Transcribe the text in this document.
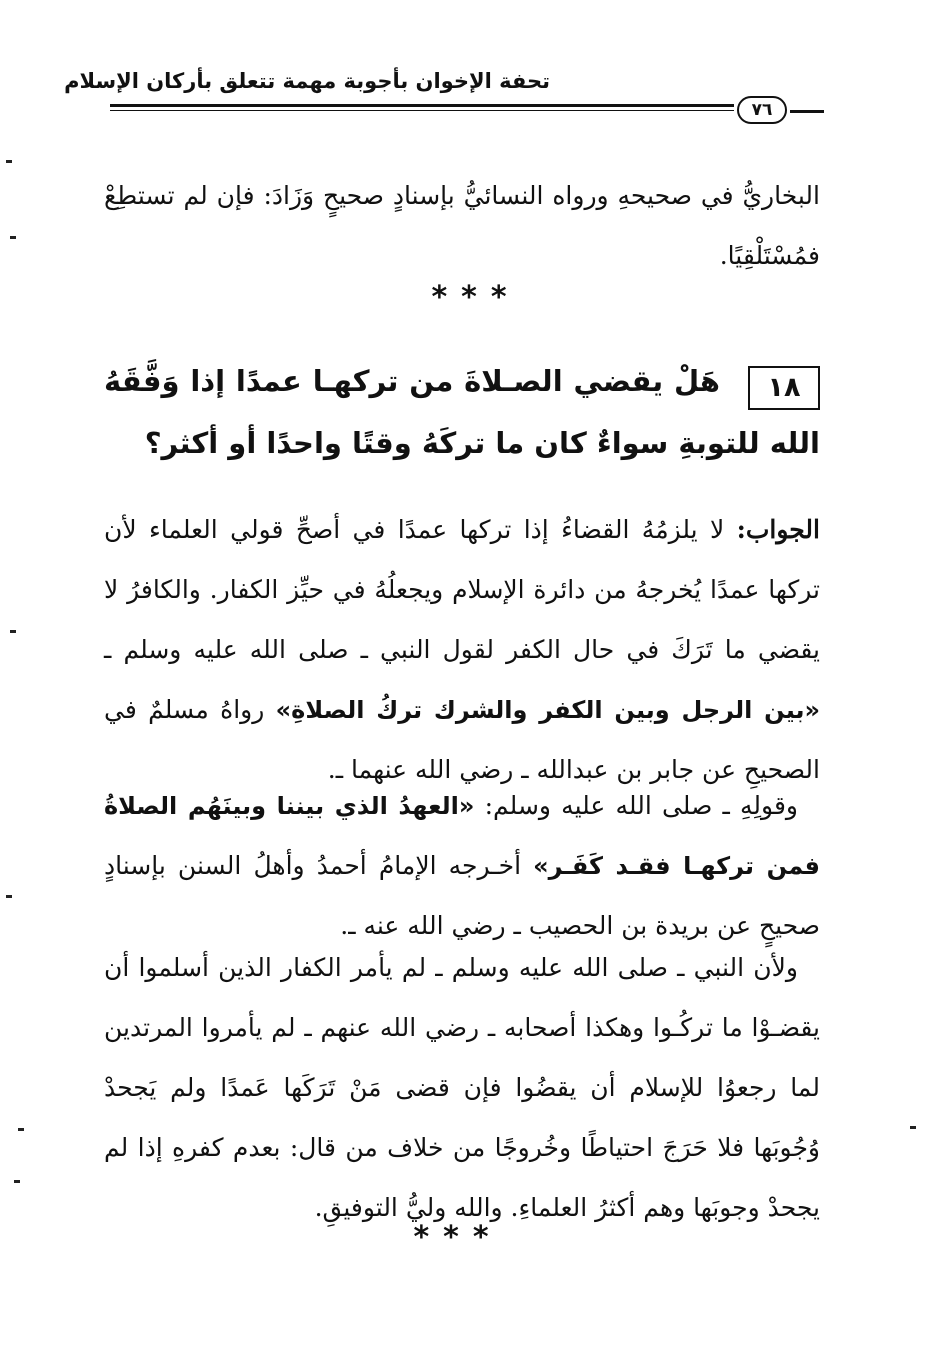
تحفة الإخوان بأجوبة مهمة تتعلق بأركان الإسلام
٧٦
البخاريُّ في صحيحهِ ورواه النسائيُّ بإسنادٍ صحيحٍ وَزَادَ: فإن لم تستطِعْ فمُسْتَلْقِيًا.
***
١٨
هَلْ يقضي الصـلاةَ من تركهـا عمدًا إذا وَفَّقَهُ الله للتوبةِ سواءٌ كان ما تركَهُ وقتًا واحدًا أو أكثر؟
الجواب: لا يلزمُهُ القضاءُ إذا تركها عمدًا في أصحِّ قولي العلماء لأن تركها عمدًا يُخرجهُ من دائرة الإسلام ويجعلُهُ في حيِّز الكفار. والكافرُ لا يقضي ما تَرَكَ في حال الكفر لقول النبي ـ صلى الله عليه وسلم ـ «بين الرجل وبين الكفر والشرك تركُ الصلاةِ» رواهُ مسلمٌ في الصحيحِ عن جابر بن عبدالله ـ رضي الله عنهما ـ.
وقولِهِ ـ صلى الله عليه وسلم: «العهدُ الذي بيننا وبينَهُم الصلاةُ فمن تركهـا فقـد كَفَـر» أخـرجه الإمامُ أحمدُ وأهلُ السنن بإسنادٍ صحيحٍ عن بريدة بن الحصيب ـ رضي الله عنه ـ.
ولأن النبي ـ صلى الله عليه وسلم ـ لم يأمر الكفار الذين أسلموا أن يقضـوْا ما تركُـوا وهكذا أصحابه ـ رضي الله عنهم ـ لم يأمروا المرتدين لما رجعوُا للإسلام أن يقضُوا فإن قضى مَنْ تَرَكَها عَمدًا ولم يَجحدْ وُجُوبَها فلا حَرَجَ احتياطًا وخُروجًا من خلاف من قال: بعدم كفرهِ إذا لم يجحدْ وجوبَها وهم أكثرُ العلماءِ. والله وليُّ التوفيقِ.
***
